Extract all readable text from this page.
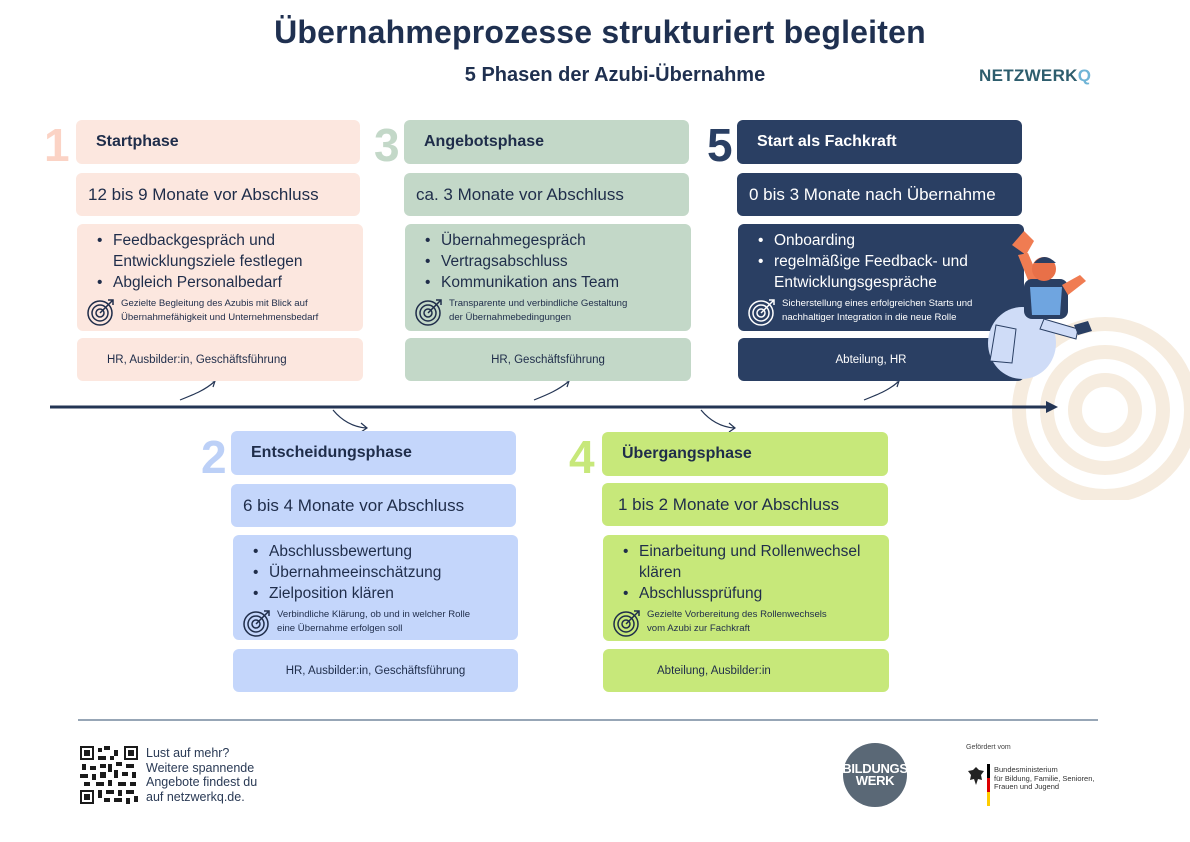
Übernahmeprozesse strukturiert begleiten
5 Phasen der Azubi-Übernahme	NETZWERKQ
1	Startphase
12 bis 9 Monate vor Abschluss
• Feedbackgespräch und Entwicklungsziele festlegen
• Abgleich Personalbedarf
Gezielte Begleitung des Azubis mit Blick auf
Übernahmefähigkeit und Unternehmensbedarf
HR, Ausbilder:in, Geschäftsführung
3	Angebotsphase
ca. 3 Monate vor Abschluss
• Übernahmegespräch
• Vertragsabschluss
• Kommunikation ans Team
Transparente und verbindliche Gestaltung
der Übernahmebedingungen
HR, Geschäftsführung
5	Start als Fachkraft
0 bis 3 Monate nach Übernahme
• Onboarding
• regelmäßige Feedback- und Entwicklungsgespräche
Sicherstellung eines erfolgreichen Starts und
nachhaltiger Integration in die neue Rolle
Abteilung, HR
2	Entscheidungsphase
6 bis 4 Monate vor Abschluss
• Abschlussbewertung
• Übernahmeeinschätzung
• Zielposition klären
Verbindliche Klärung, ob und in welcher Rolle
eine Übernahme erfolgen soll
HR, Ausbilder:in, Geschäftsführung
4	Übergangsphase
1 bis 2 Monate vor Abschluss
• Einarbeitung und Rollenwechsel klären
• Abschlussprüfung
Gezielte Vorbereitung des Rollenwechsels
vom Azubi zur Fachkraft
Abteilung, Ausbilder:in
Lust auf mehr?
Weitere spannende
Angebote findest du
auf netzwerkq.de.
BILDUNGS
WERK
Gefördert vom
Bundesministerium
für Bildung, Familie, Senioren,
Frauen und Jugend
